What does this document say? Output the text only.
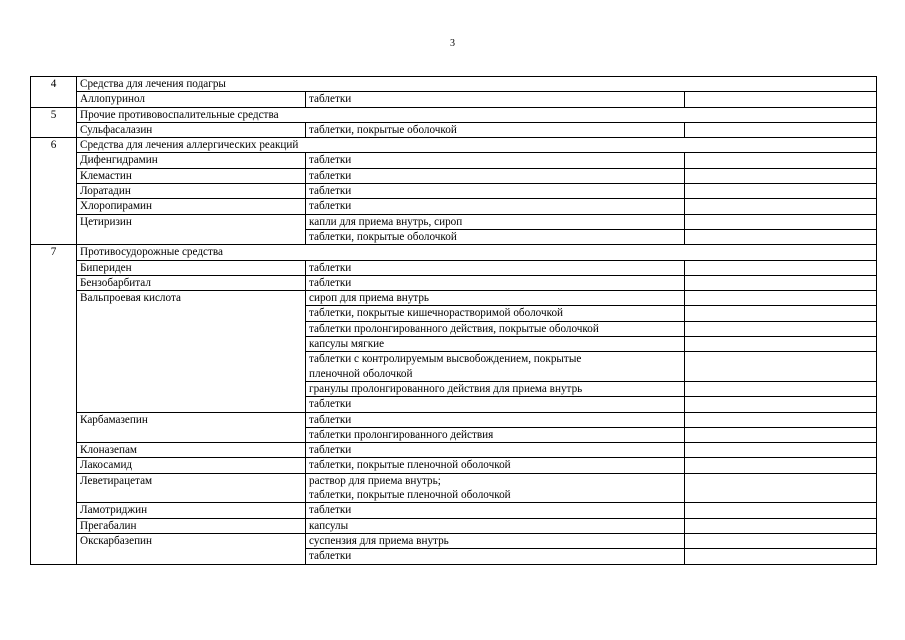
3
4	Средства для лечения подагры		
	Аллопуринол	таблетки	
5	Прочие противовоспалительные средства		
	Сульфасалазин	таблетки, покрытые оболочкой	
6	Средства для лечения аллергических реакций		
	Дифенгидрамин	таблетки	
	Клемастин	таблетки	
	Лоратадин	таблетки	
	Хлоропирамин	таблетки	
	Цетиризин	капли для приема внутрь, сироп	
		таблетки, покрытые оболочкой	
7	Противосудорожные средства		
	Бипериден	таблетки	
	Бензобарбитал	таблетки	
	Вальпроевая кислота	сироп для приема внутрь	
		таблетки, покрытые кишечнорастворимой оболочкой	
		таблетки пролонгированного действия, покрытые оболочкой	
		капсулы мягкие	
		таблетки с контролируемым высвобождением, покрытые
пленочной оболочкой	
		гранулы пролонгированного действия для приема внутрь	
		таблетки	
	Карбамазепин	таблетки	
		таблетки пролонгированного действия	
	Клоназепам	таблетки	
	Лакосамид	таблетки, покрытые пленочной оболочкой	
	Леветирацетам	раствор для приема внутрь;
таблетки, покрытые пленочной оболочкой	
	Ламотриджин	таблетки	
	Прегабалин	капсулы	
	Окскарбазепин	суспензия для приема внутрь	
		таблетки	
